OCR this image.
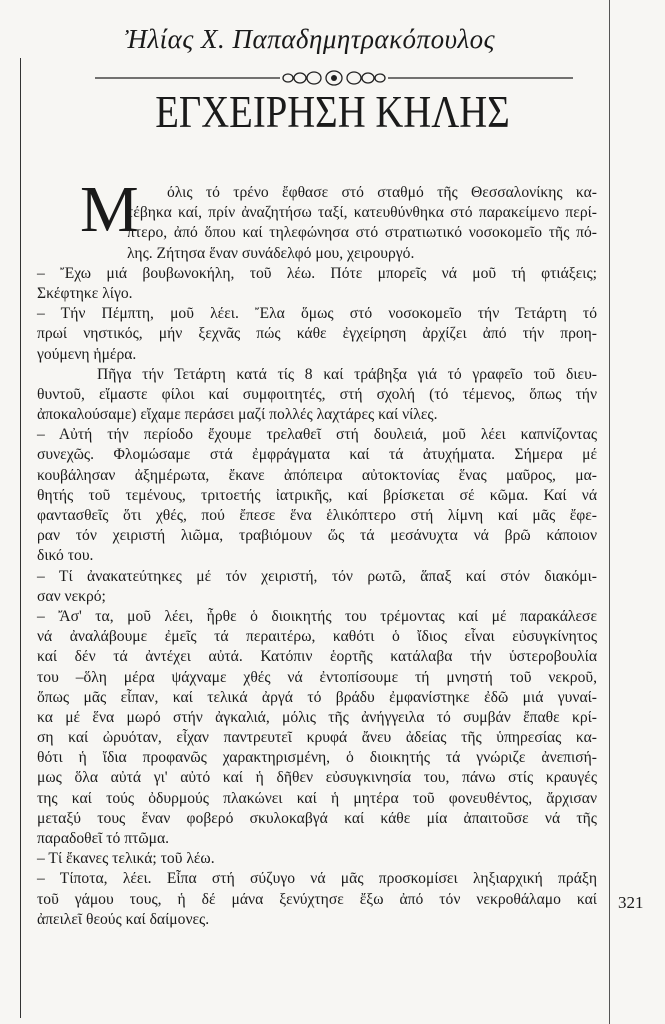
Ἠλίας Χ. Παπαδημητρακόπουλος
ΕΓΧΕΙΡΗΣΗ ΚΗΛΗΣ
Μ	όλις τό τρένο ἔφθασε στό σταθμό τῆς Θεσσαλονίκης κα-
τέβηκα καί, πρίν ἀναζητήσω ταξί, κατευθύνθηκα στό παρακείμενο περί-
πτερο, ἀπό ὅπου καί τηλεφώνησα στό στρατιωτικό νοσοκομεῖο τῆς πό-
λης. Ζήτησα ἕναν συνάδελφό μου, χειρουργό.
– Ἔχω μιά βουβωνοκήλη, τοῦ λέω. Πότε μπορεῖς νά μοῦ τή φτιάξεις;
Σκέφτηκε λίγο.
– Τήν Πέμπτη, μοῦ λέει. Ἔλα ὅμως στό νοσοκομεῖο τήν Τετάρτη τό
πρωί νηστικός, μήν ξεχνᾶς πώς κάθε ἐγχείρηση ἀρχίζει ἀπό τήν προη-
γούμενη ἡμέρα.
Πῆγα τήν Τετάρτη κατά τίς 8 καί τράβηξα γιά τό γραφεῖο τοῦ διευ-
θυντοῦ, εἴμαστε φίλοι καί συμφοιτητές, στή σχολή (τό τέμενος, ὅπως τήν
ἀποκαλούσαμε) εἴχαμε περάσει μαζί πολλές λαχτάρες καί νίλες.
– Αὐτή τήν περίοδο ἔχουμε τρελαθεῖ στή δουλειά, μοῦ λέει καπνίζοντας
συνεχῶς. Φλομώσαμε στά ἐμφράγματα καί τά ἀτυχήματα. Σήμερα μέ
κουβάλησαν ἀξημέρωτα, ἔκανε ἀπόπειρα αὐτοκτονίας ἕνας μαῦρος, μα-
θητής τοῦ τεμένους, τριτοετής ἰατρικῆς, καί βρίσκεται σέ κῶμα. Καί νά
φαντασθεῖς ὅτι χθές, πού ἔπεσε ἕνα ἑλικόπτερο στή λίμνη καί μᾶς ἔφε-
ραν τόν χειριστή λιῶμα, τραβιόμουν ὥς τά μεσάνυχτα νά βρῶ κάποιον
δικό του.
– Τί ἀνακατεύτηκες μέ τόν χειριστή, τόν ρωτῶ, ἅπαξ καί στόν διακόμι-
σαν νεκρό;
– Ἄσ' τα, μοῦ λέει, ἦρθε ὁ διοικητής του τρέμοντας καί μέ παρακάλεσε
νά ἀναλάβουμε ἐμεῖς τά περαιτέρω, καθότι ὁ ἴδιος εἶναι εὐσυγκίνητος
καί δέν τά ἀντέχει αὐτά. Κατόπιν ἑορτῆς κατάλαβα τήν ὑστεροβουλία
του –ὅλη μέρα ψάχναμε χθές νά ἐντοπίσουμε τή μνηστή τοῦ νεκροῦ,
ὅπως μᾶς εἶπαν, καί τελικά ἀργά τό βράδυ ἐμφανίστηκε ἐδῶ μιά γυναί-
κα μέ ἕνα μωρό στήν ἀγκαλιά, μόλις τῆς ἀνήγγειλα τό συμβάν ἔπαθε κρί-
ση καί ὠρυόταν, εἶχαν παντρευτεῖ κρυφά ἄνευ ἀδείας τῆς ὑπηρεσίας κα-
θότι ἡ ἴδια προφανῶς χαρακτηρισμένη, ὁ διοικητής τά γνώριζε ἀνεπισή-
μως ὅλα αὐτά γι' αὐτό καί ἡ δῆθεν εὐσυγκινησία του, πάνω στίς κραυγές
της καί τούς ὀδυρμούς πλακώνει καί ἡ μητέρα τοῦ φονευθέντος, ἄρχισαν
μεταξύ τους ἕναν φοβερό σκυλοκαβγά καί κάθε μία ἀπαιτοῦσε νά τῆς
παραδοθεῖ τό πτῶμα.
– Τί ἔκανες τελικά; τοῦ λέω.
– Τίποτα, λέει. Εἶπα στή σύζυγο νά μᾶς προσκομίσει ληξιαρχική πράξη
τοῦ γάμου τους, ἡ δέ μάνα ξενύχτησε ἔξω ἀπό τόν νεκροθάλαμο καί
ἀπειλεῖ θεούς καί δαίμονες.
321
